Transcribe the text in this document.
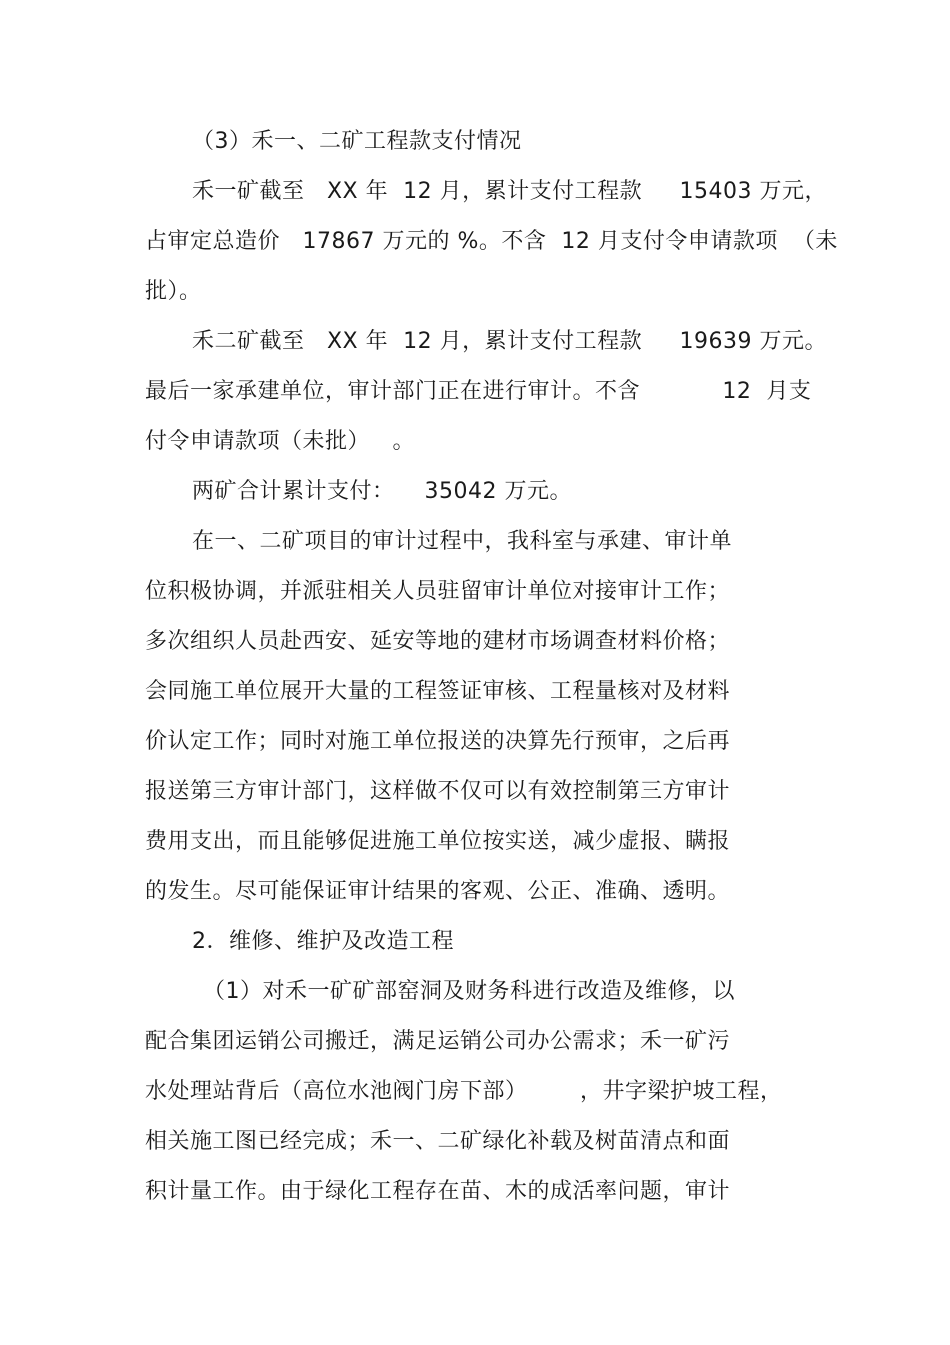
（3）禾一、二矿工程款支付情况
禾一矿截至   XX 年  12 月，累计支付工程款     15403 万元，
占审定总造价   17867 万元的 %。不含  12 月支付令申请款项  （未
批）。
禾二矿截至   XX 年  12 月，累计支付工程款     19639 万元。
最后一家承建单位，审计部门正在进行审计。不含           12  月支
付令申请款项（未批）   。
两矿合计累计支付：    35042 万元。
在一、二矿项目的审计过程中，我科室与承建、审计单
位积极协调，并派驻相关人员驻留审计单位对接审计工作；
多次组织人员赴西安、延安等地的建材市场调查材料价格；
会同施工单位展开大量的工程签证审核、工程量核对及材料
价认定工作；同时对施工单位报送的决算先行预审，之后再
报送第三方审计部门，这样做不仅可以有效控制第三方审计
费用支出，而且能够促进施工单位按实送，减少虚报、瞒报
的发生。尽可能保证审计结果的客观、公正、准确、透明。
2．维修、维护及改造工程
（1）对禾一矿矿部窑洞及财务科进行改造及维修，以
配合集团运销公司搬迁，满足运销公司办公需求；禾一矿污
水处理站背后（高位水池阀门房下部）       ，井字梁护坡工程，
相关施工图已经完成；禾一、二矿绿化补载及树苗清点和面
积计量工作。由于绿化工程存在苗、木的成活率问题，审计
